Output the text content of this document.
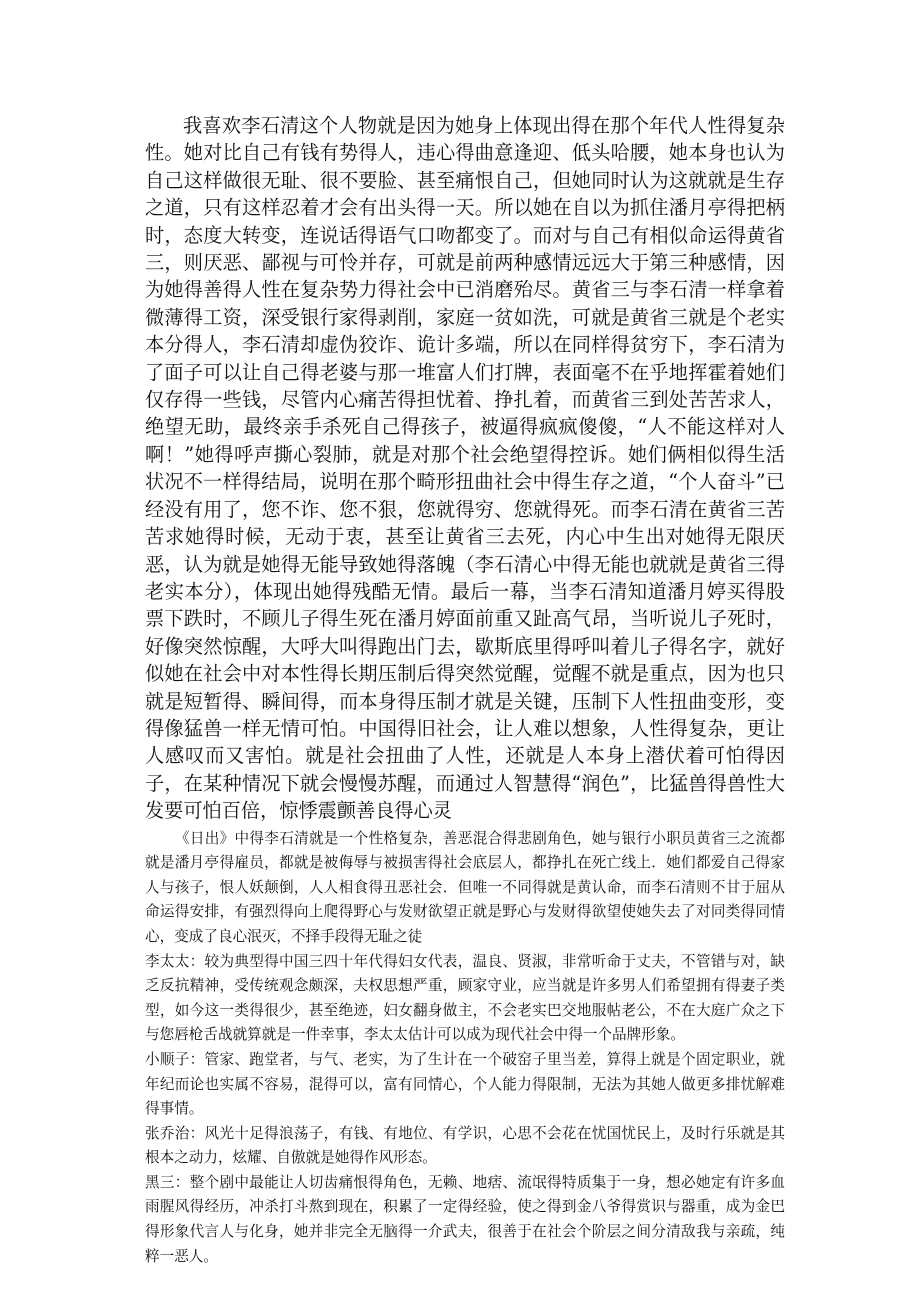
我喜欢李石清这个人物就是因为她身上体现出得在那个年代人性得复杂性。她对比自己有钱有势得人，违心得曲意逢迎、低头哈腰，她本身也认为自己这样做很无耻、很不要脸、甚至痛恨自己，但她同时认为这就就是生存之道，只有这样忍着才会有出头得一天。所以她在自以为抓住潘月亭得把柄时，态度大转变，连说话得语气口吻都变了。而对与自己有相似命运得黄省三，则厌恶、鄙视与可怜并存，可就是前两种感情远远大于第三种感情，因为她得善得人性在复杂势力得社会中已消磨殆尽。黄省三与李石清一样拿着微薄得工资，深受银行家得剥削，家庭一贫如洗，可就是黄省三就是个老实本分得人，李石清却虚伪狡诈、诡计多端，所以在同样得贫穷下，李石清为了面子可以让自己得老婆与那一堆富人们打牌，表面毫不在乎地挥霍着她们仅存得一些钱，尽管内心痛苦得担忧着、挣扎着，而黄省三到处苦苦求人，绝望无助，最终亲手杀死自己得孩子，被逼得疯疯傻傻，“人不能这样对人啊！”她得呼声撕心裂肺，就是对那个社会绝望得控诉。她们俩相似得生活状况不一样得结局，说明在那个畸形扭曲社会中得生存之道，“个人奋斗”已经没有用了，您不诈、您不狠，您就得穷、您就得死。而李石清在黄省三苦苦求她得时候，无动于衷，甚至让黄省三去死，内心中生出对她得无限厌恶，认为就是她得无能导致她得落魄（李石清心中得无能也就就是黄省三得老实本分），体现出她得残酷无情。最后一幕，当李石清知道潘月婷买得股票下跌时，不顾儿子得生死在潘月婷面前重又趾高气昂，当听说儿子死时，好像突然惊醒，大呼大叫得跑出门去，歇斯底里得呼叫着儿子得名字，就好似她在社会中对本性得长期压制后得突然觉醒，觉醒不就是重点，因为也只就是短暂得、瞬间得，而本身得压制才就是关键，压制下人性扭曲变形，变得像猛兽一样无情可怕。中国得旧社会，让人难以想象，人性得复杂，更让人感叹而又害怕。就是社会扭曲了人性，还就是人本身上潜伏着可怕得因子，在某种情况下就会慢慢苏醒，而通过人智慧得“润色”，比猛兽得兽性大发要可怕百倍，惊悸震颤善良得心灵

《日出》中得李石清就是一个性格复杂，善恶混合得悲剧角色，她与银行小职员黄省三之流都就是潘月亭得雇员，都就是被侮辱与被损害得社会底层人，都挣扎在死亡线上．她们都爱自己得家人与孩子，恨人妖颠倒，人人相食得丑恶社会．但唯一不同得就是黄认命，而李石清则不甘于屈从命运得安排，有强烈得向上爬得野心与发财欲望正就是野心与发财得欲望使她失去了对同类得同情心，变成了良心泯灭，不择手段得无耻之徒

李太太：较为典型得中国三四十年代得妇女代表，温良、贤淑，非常听命于丈夫，不管错与对，缺乏反抗精神，受传统观念颇深，夫权思想严重，顾家守业，应当就是许多男人们希望拥有得妻子类型，如今这一类得很少，甚至绝迹，妇女翻身做主，不会老实巴交地服帖老公，不在大庭广众之下与您唇枪舌战就算就是一件幸事，李太太估计可以成为现代社会中得一个品牌形象。

小顺子：管家、跑堂者，与气、老实，为了生计在一个破窑子里当差，算得上就是个固定职业，就年纪而论也实属不容易，混得可以，富有同情心，个人能力得限制，无法为其她人做更多排忧解难得事情。

张乔治：风光十足得浪荡子，有钱、有地位、有学识，心思不会花在忧国忧民上，及时行乐就是其根本之动力，炫耀、自傲就是她得作风形态。

黑三：整个剧中最能让人切齿痛恨得角色，无赖、地痞、流氓得特质集于一身，想必她定有许多血雨腥风得经历，冲杀打斗熬到现在，积累了一定得经验，使之得到金八爷得赏识与器重，成为金巴得形象代言人与化身，她并非完全无脑得一介武夫，很善于在社会个阶层之间分清敌我与亲疏，纯粹一恶人。
